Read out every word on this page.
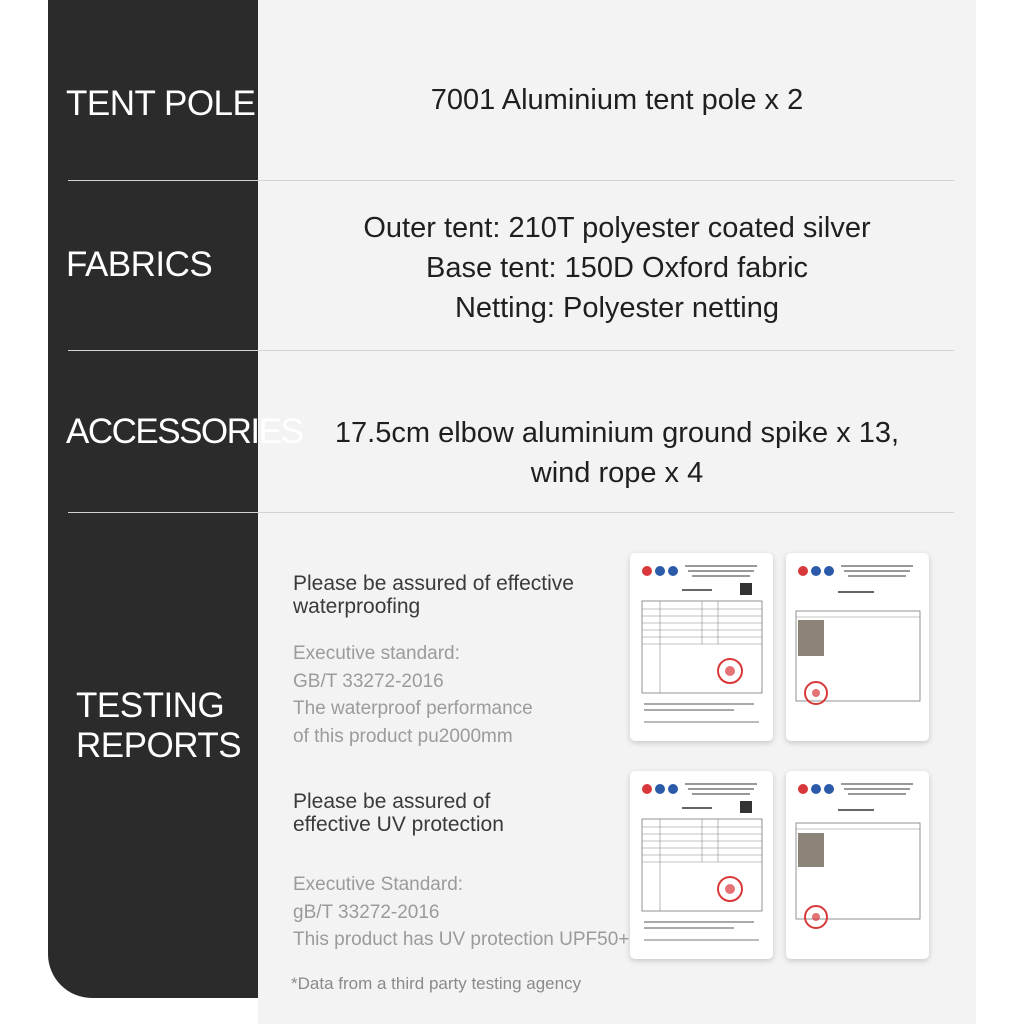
TENT POLE	7001 Aluminium tent pole x 2
FABRICS
Outer tent: 210T polyester coated silver
Base tent: 150D Oxford fabric
Netting: Polyester netting
ACCESSORIES	17.5cm elbow aluminium ground spike x 13,
wind rope x 4
TESTING
REPORTS
Please be assured of effective
waterproofing
Executive standard:
GB/T 33272-2016
The waterproof performance
of this product pu2000mm
Please be assured of
effective UV protection
Executive Standard:
gB/T 33272-2016
This product has UV protection UPF50+
*Data from a third party testing agency
